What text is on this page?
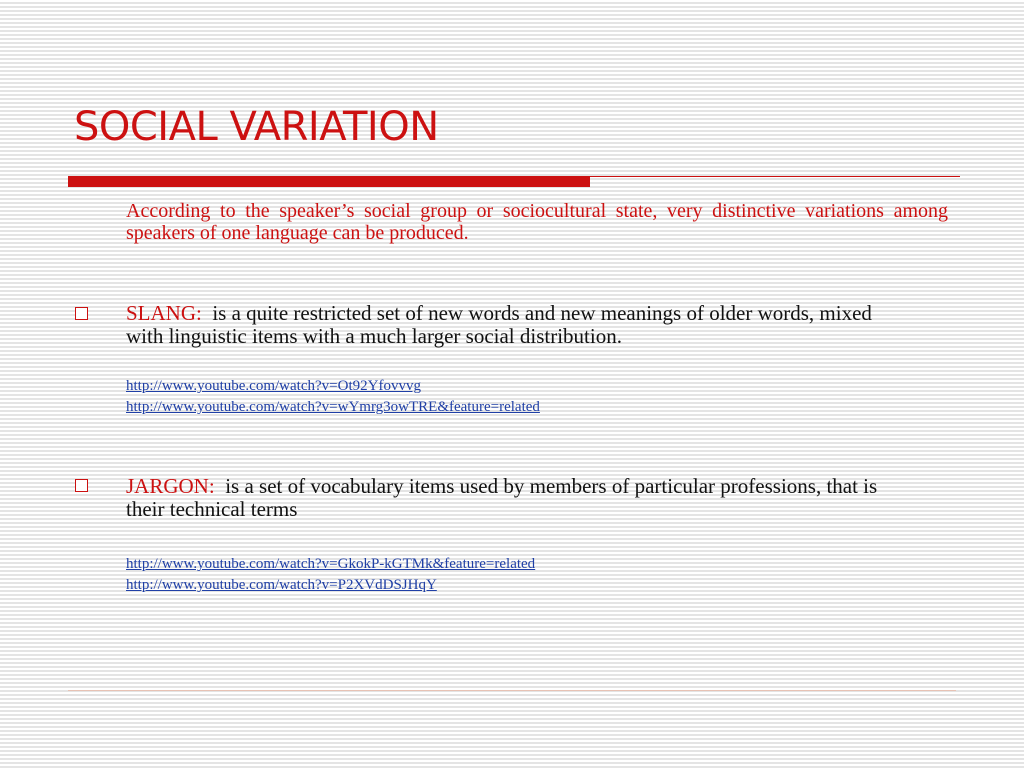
SOCIAL VARIATION

According to the speaker’s social group or sociocultural state, very distinctive variations among speakers of one language can be produced.

SLANG: is a quite restricted set of new words and new meanings of older words, mixed with linguistic items with a much larger social distribution.
http://www.youtube.com/watch?v=Ot92Yfovvvg
http://www.youtube.com/watch?v=wYmrg3owTRE&feature=related
JARGON: is a set of vocabulary items used by members of particular professions, that is their technical terms
http://www.youtube.com/watch?v=GkokP-kGTMk&feature=related
http://www.youtube.com/watch?v=P2XVdDSJHqY
